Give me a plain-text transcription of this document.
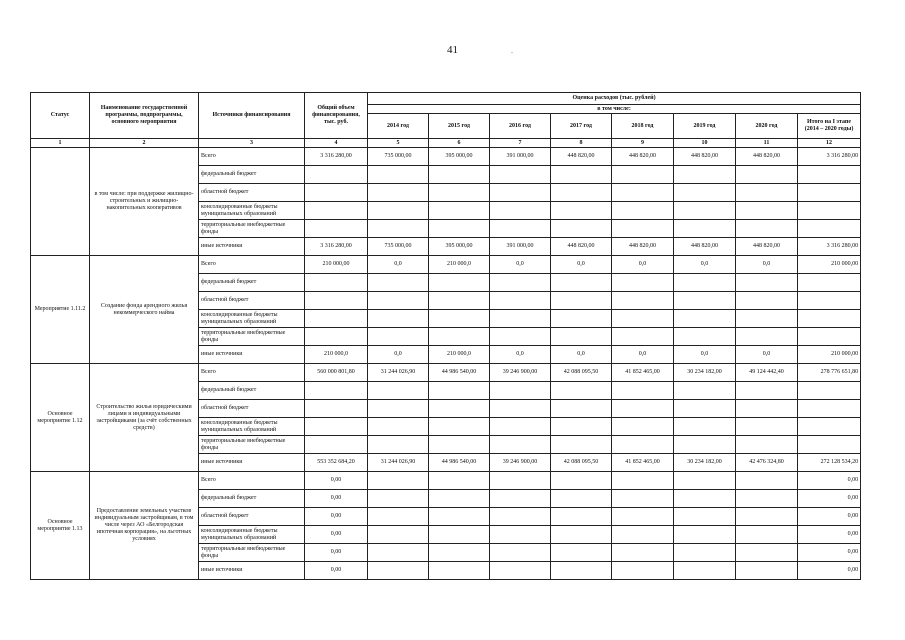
41	.
Статус	Наименование государственной программы, подпрограммы, основного мероприятия	Источники финансирования	Общий объем финансирования, тыс. руб.	Оценка расходов (тыс. рублей)							
				в том числе:							
				2014 год	2015 год	2016 год	2017 год	2018 год	2019 год	2020 год	Итого на I этапе (2014 – 2020 годы)
1	2	3	4	5	6	7	8	9	10	11	12
	в том числе: при поддержке жилищно-строительных и жилищно-накопительных кооперативов	Всего	3 316 280,00	735 000,00	395 000,00	391 000,00	448 820,00	448 820,00	448 820,00	448 820,00	3 316 280,00
		федеральный бюджет									
		областной бюджет									
		консолидированные бюджеты муниципальных образований									
		территориальные внебюджетные фонды									
		иные источники	3 316 280,00	735 000,00	395 000,00	391 000,00	448 820,00	448 820,00	448 820,00	448 820,00	3 316 280,00
Мероприятие 1.11.2	Создание фонда арендного жилья некоммерческого найма	Всего	210 000,00	0,0	210 000,0	0,0	0,0	0,0	0,0	0,0	210 000,00
		федеральный бюджет									
		областной бюджет									
		консолидированные бюджеты муниципальных образований									
		территориальные внебюджетные фонды									
		иные источники	210 000,0	0,0	210 000,0	0,0	0,0	0,0	0,0	0,0	210 000,00
Основное мероприятие 1.12	Строительство жилья юридическими лицами и индивидуальными застройщиками (за счёт собственных средств)	Всего	560 000 801,80	31 244 026,90	44 986 540,00	39 246 900,00	42 088 095,50	41 852 465,00	30 234 182,00	49 124 442,40	278 776 651,80
		федеральный бюджет									
		областной бюджет									
		консолидированные бюджеты муниципальных образований									
		территориальные внебюджетные фонды									
		иные источники	553 352 684,20	31 244 026,90	44 986 540,00	39 246 900,00	42 088 095,50	41 852 465,00	30 234 182,00	42 476 324,80	272 128 534,20
Основное мероприятие 1.13	Предоставление земельных участков индивидуальным застройщикам, в том числе через АО «Белгородская ипотечная корпорация», на льготных условиях	Всего	0,00								0,00
		федеральный бюджет	0,00								0,00
		областной бюджет	0,00								0,00
		консолидированные бюджеты муниципальных образований	0,00								0,00
		территориальные внебюджетные фонды	0,00								0,00
		иные источники	0,00								0,00
